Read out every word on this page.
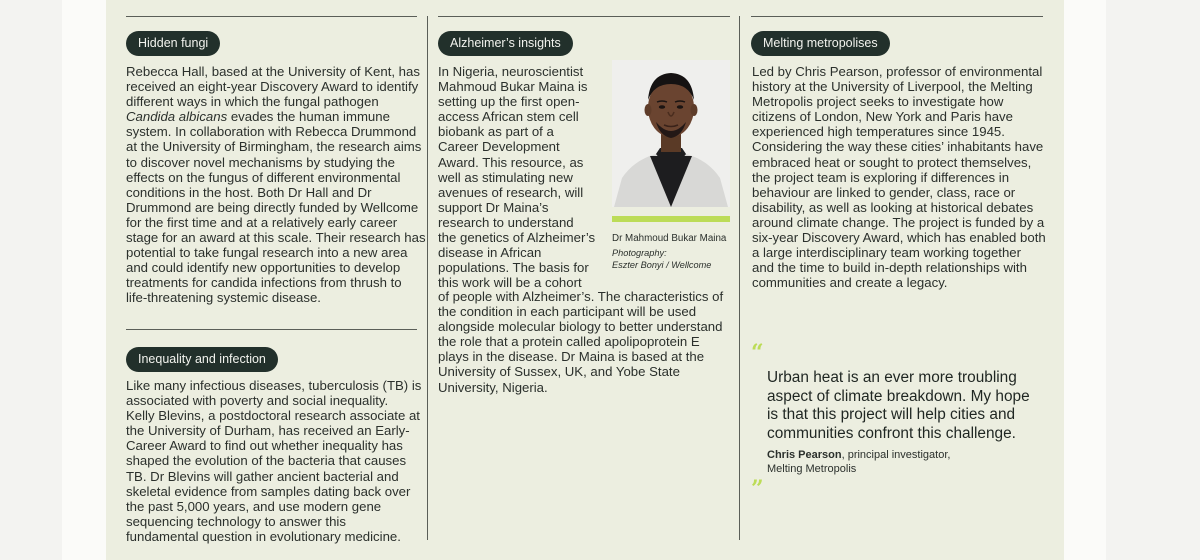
Hidden fungi

Rebecca Hall, based at the University of Kent, has
received an eight-year Discovery Award to identify
different ways in which the fungal pathogen
Candida albicans evades the human immune
system. In collaboration with Rebecca Drummond
at the University of Birmingham, the research aims
to discover novel mechanisms by studying the
effects on the fungus of different environmental
conditions in the host. Both Dr Hall and Dr
Drummond are being directly funded by Wellcome
for the first time and at a relatively early career
stage for an award at this scale. Their research has
potential to take fungal research into a new area
and could identify new opportunities to develop
treatments for candida infections from thrush to
life-threatening systemic disease.

Inequality and infection

Like many infectious diseases, tuberculosis (TB) is
associated with poverty and social inequality.
Kelly Blevins, a postdoctoral research associate at
the University of Durham, has received an Early-
Career Award to find out whether inequality has
shaped the evolution of the bacteria that causes
TB. Dr Blevins will gather ancient bacterial and
skeletal evidence from samples dating back over
the past 5,000 years, and use modern gene
sequencing technology to answer this
fundamental question in evolutionary medicine.

Alzheimer’s insights

In Nigeria, neuroscientist
Mahmoud Bukar Maina is
setting up the first open-
access African stem cell
biobank as part of a
Career Development
Award. This resource, as
well as stimulating new
avenues of research, will
support Dr Maina’s
research to understand
the genetics of Alzheimer’s
disease in African
populations. The basis for
this work will be a cohort

of people with Alzheimer’s. The characteristics of
the condition in each participant will be used
alongside molecular biology to better understand
the role that a protein called apolipoprotein E
plays in the disease. Dr Maina is based at the
University of Sussex, UK, and Yobe State
University, Nigeria.

Dr Mahmoud Bukar Maina
Photography:
Eszter Bonyi / Wellcome
Melting metropolises

Led by Chris Pearson, professor of environmental
history at the University of Liverpool, the Melting
Metropolis project seeks to investigate how
citizens of London, New York and Paris have
experienced high temperatures since 1945.
Considering the way these cities’ inhabitants have
embraced heat or sought to protect themselves,
the project team is exploring if differences in
behaviour are linked to gender, class, race or
disability, as well as looking at historical debates
around climate change. The project is funded by a
six-year Discovery Award, which has enabled both
a large interdisciplinary team working together
and the time to build in-depth relationships with
communities and create a legacy.

“
Urban heat is an ever more troubling
aspect of climate breakdown. My hope
is that this project will help cities and
communities confront this challenge.
Chris Pearson, principal investigator,
Melting Metropolis
”
